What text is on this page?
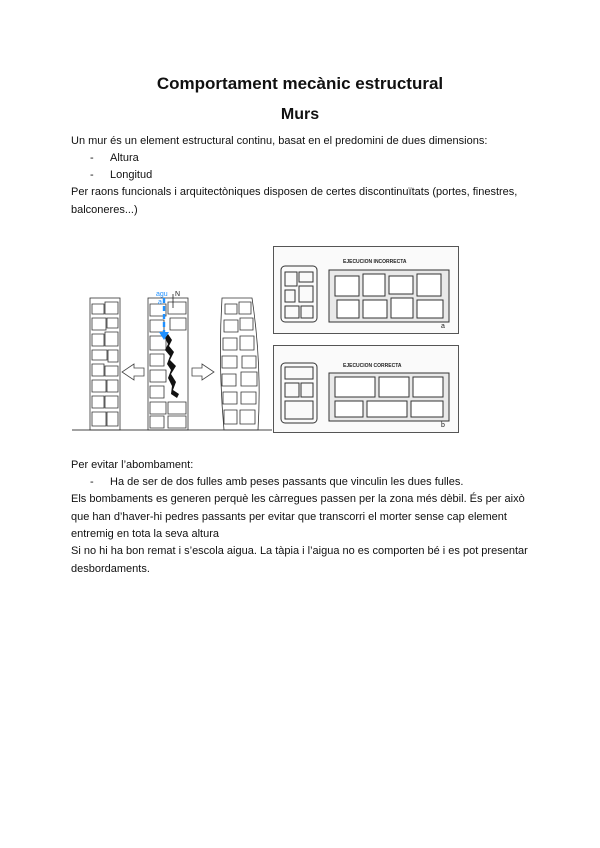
Comportament mecànic estructural
Murs
Un mur és un element estructural continu, basat en el predomini de dues dimensions:
- Altura
- Longitud
Per raons funcionals i arquitectòniques disposen de certes discontinuïtats (portes, finestres, balconeres...)
agu
a
N
EJECUCION INCORRECTA
a
EJECUCION CORRECTA
b
Per evitar l’abombament:
- Ha de ser de dos fulles amb peses passants que vinculin les dues fulles.
Els bombaments es generen perquè les càrregues passen per la zona més dèbil. És per això que han d’haver-hi pedres passants per evitar que transcorri el morter sense cap element entremig en tota la seva altura
Si no hi ha bon remat i s’escola aigua. La tàpia i l’aigua no es comporten bé i es pot presentar desbordaments.
